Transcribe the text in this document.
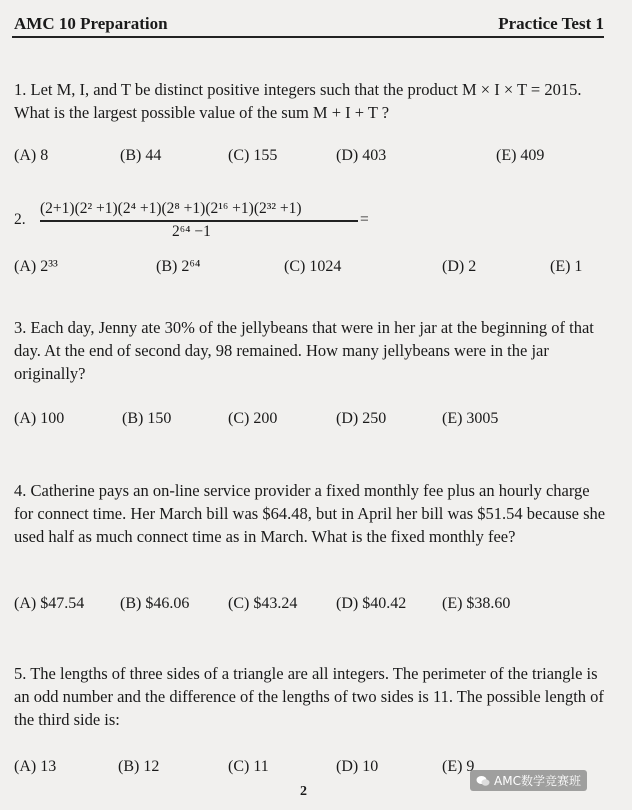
AMC 10 Preparation	Practice Test 1
1. Let M, I, and T be distinct positive integers such that the product M × I × T = 2015. What is the largest possible value of the sum M + I + T ?
(A) 8	(B) 44	(C) 155	(D) 403	(E) 409
2.
(2+1)(2² +1)(2⁴ +1)(2⁸ +1)(2¹⁶ +1)(2³² +1)
2⁶⁴ −1
=
(A) 2³³	(B) 2⁶⁴	(C) 1024	(D) 2	(E) 1
3. Each day, Jenny ate 30% of the jellybeans that were in her jar at the beginning of that day. At the end of second day, 98 remained. How many jellybeans were in the jar originally?
(A) 100	(B) 150	(C) 200	(D) 250	(E) 3005
4. Catherine pays an on-line service provider a fixed monthly fee plus an hourly charge for connect time. Her March bill was $64.48, but in April her bill was $51.54 because she used half as much connect time as in March. What is the fixed monthly fee?
(A) $47.54 (B) $46.06 (C) $43.24 (D) $40.42 (E) $38.60
5. The lengths of three sides of a triangle are all integers. The perimeter of the triangle is an odd number and the difference of the lengths of two sides is 11. The possible length of the third side is:
(A) 13	(B) 12	(C) 11	(D) 10	(E) 9
2
AMC数学竞赛班
